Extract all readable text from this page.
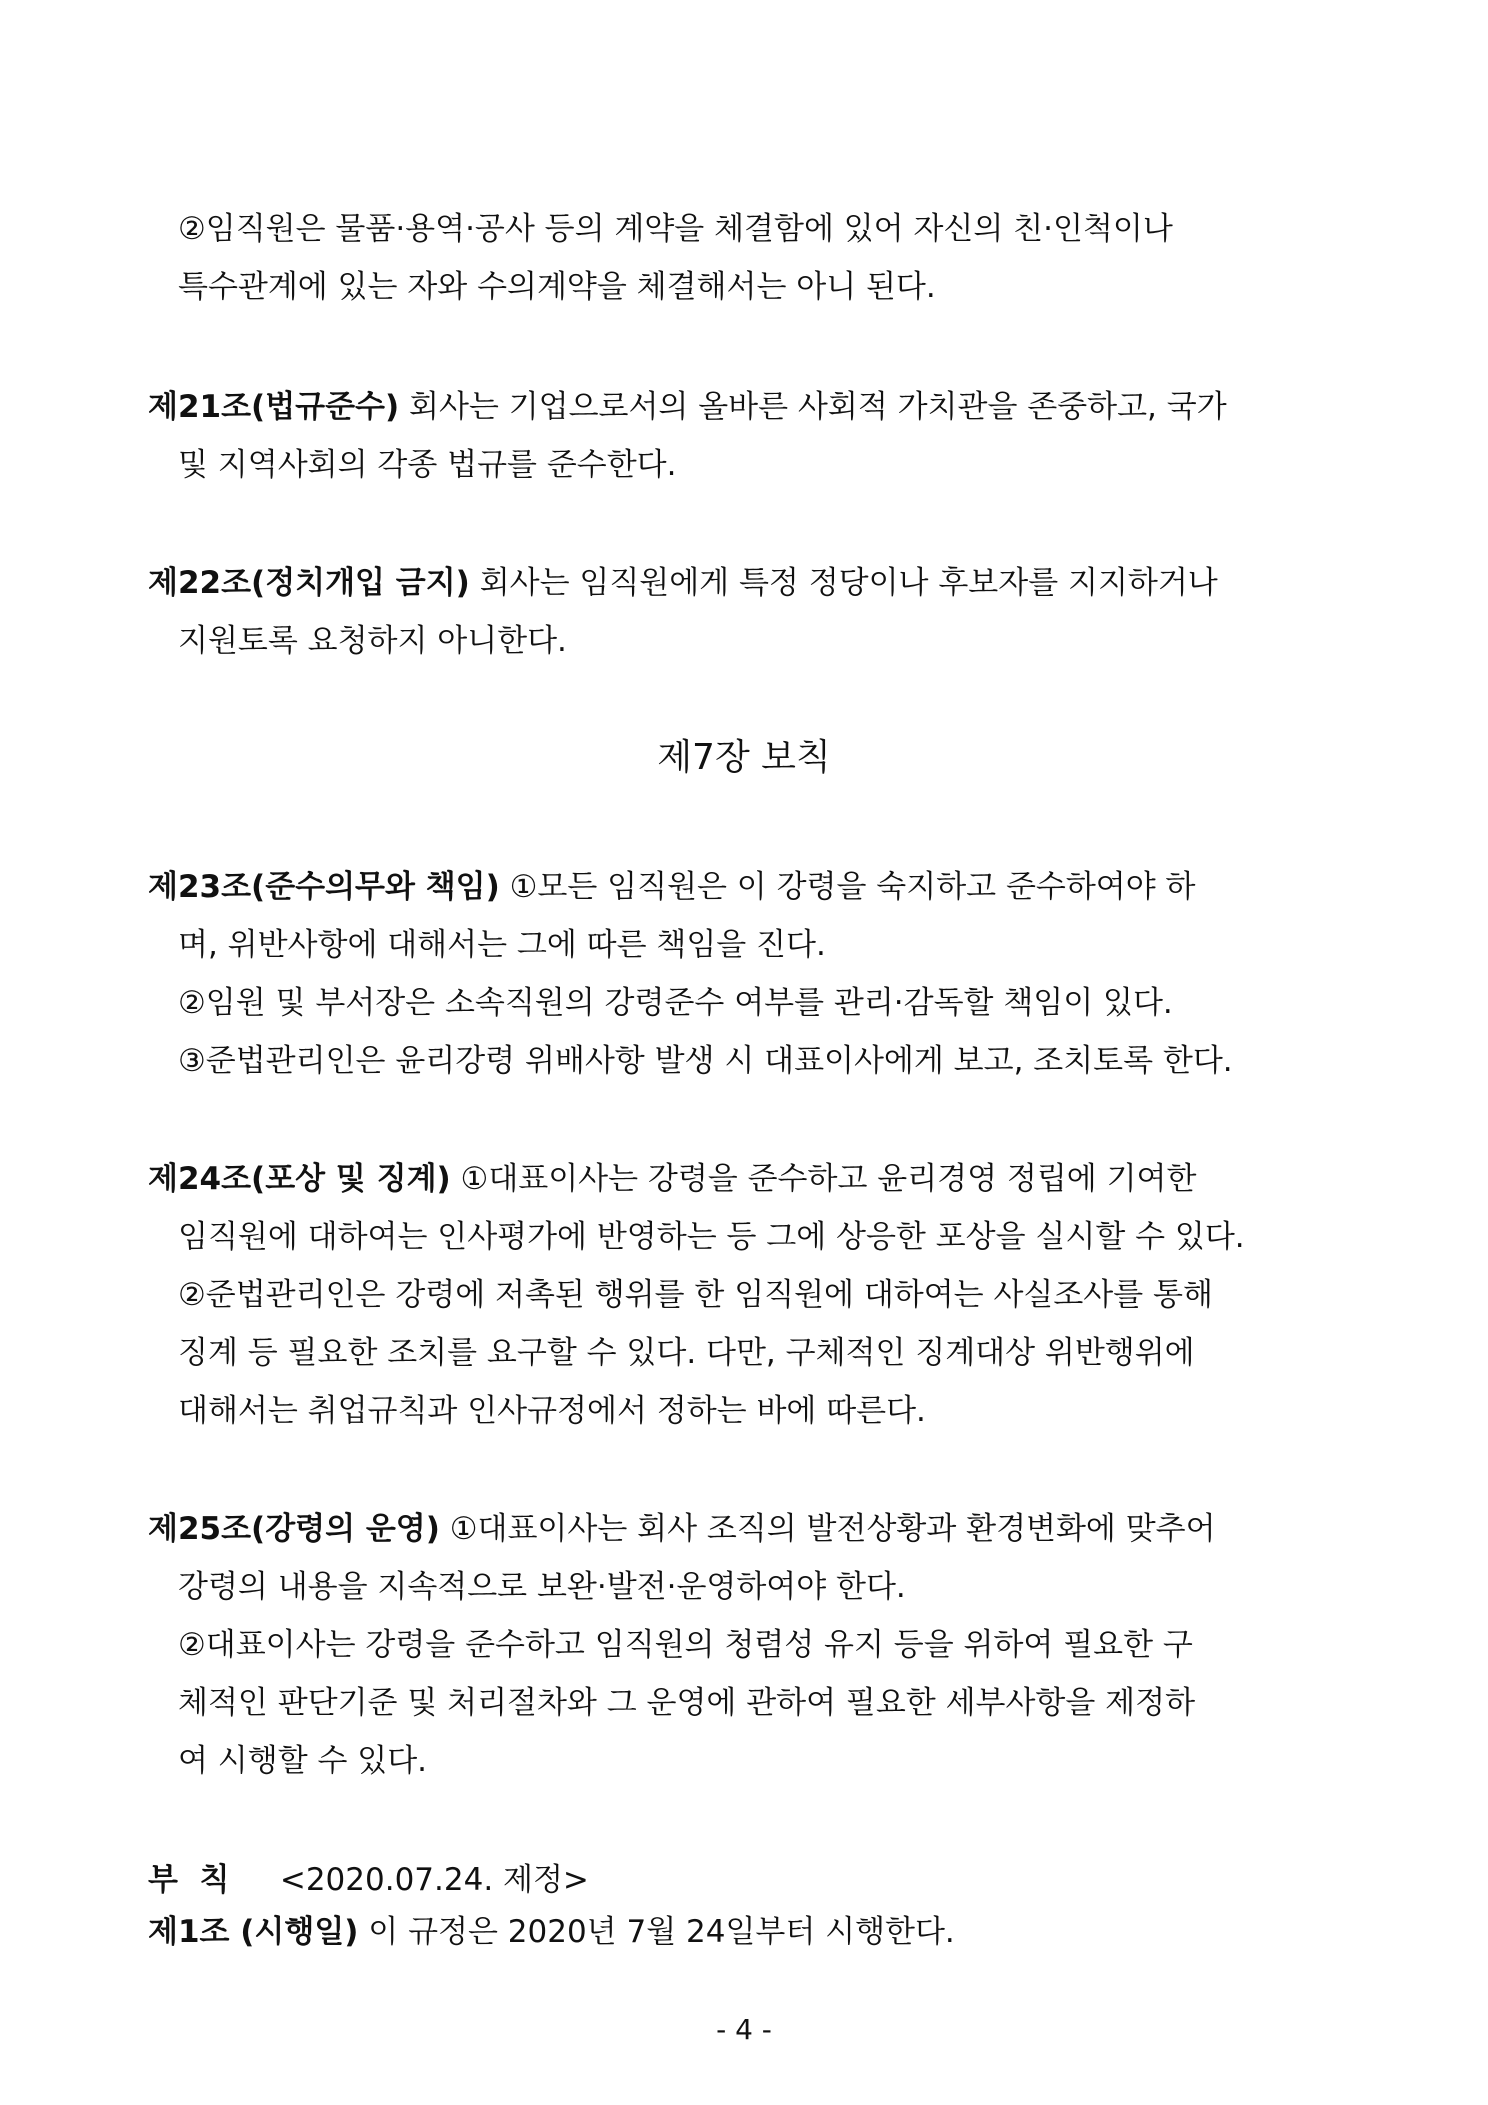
②임직원은 물품·용역·공사 등의 계약을 체결함에 있어 자신의 친·인척이나
특수관계에 있는 자와 수의계약을 체결해서는 아니 된다.
제21조(법규준수) 회사는 기업으로서의 올바른 사회적 가치관을 존중하고, 국가
및 지역사회의 각종 법규를 준수한다.
제22조(정치개입 금지) 회사는 임직원에게 특정 정당이나 후보자를 지지하거나
지원토록 요청하지 아니한다.
제7장 보칙
제23조(준수의무와 책임) ①모든 임직원은 이 강령을 숙지하고 준수하여야 하
며, 위반사항에 대해서는 그에 따른 책임을 진다.
②임원 및 부서장은 소속직원의 강령준수 여부를 관리·감독할 책임이 있다.
③준법관리인은 윤리강령 위배사항 발생 시 대표이사에게 보고, 조치토록 한다.
제24조(포상 및 징계) ①대표이사는 강령을 준수하고 윤리경영 정립에 기여한
임직원에 대하여는 인사평가에 반영하는 등 그에 상응한 포상을 실시할 수 있다.
②준법관리인은 강령에 저촉된 행위를 한 임직원에 대하여는 사실조사를 통해
징계 등 필요한 조치를 요구할 수 있다. 다만, 구체적인 징계대상 위반행위에
대해서는 취업규칙과 인사규정에서 정하는 바에 따른다.
제25조(강령의 운영) ①대표이사는 회사 조직의 발전상황과 환경변화에 맞추어
강령의 내용을 지속적으로 보완·발전·운영하여야 한다.
②대표이사는 강령을 준수하고 임직원의 청렴성 유지 등을 위하여 필요한 구
체적인 판단기준 및 처리절차와 그 운영에 관하여 필요한 세부사항을 제정하
여 시행할 수 있다.
부  칙 <2020.07.24. 제정>
제1조 (시행일) 이 규정은 2020년 7월 24일부터 시행한다.
- 4 -
